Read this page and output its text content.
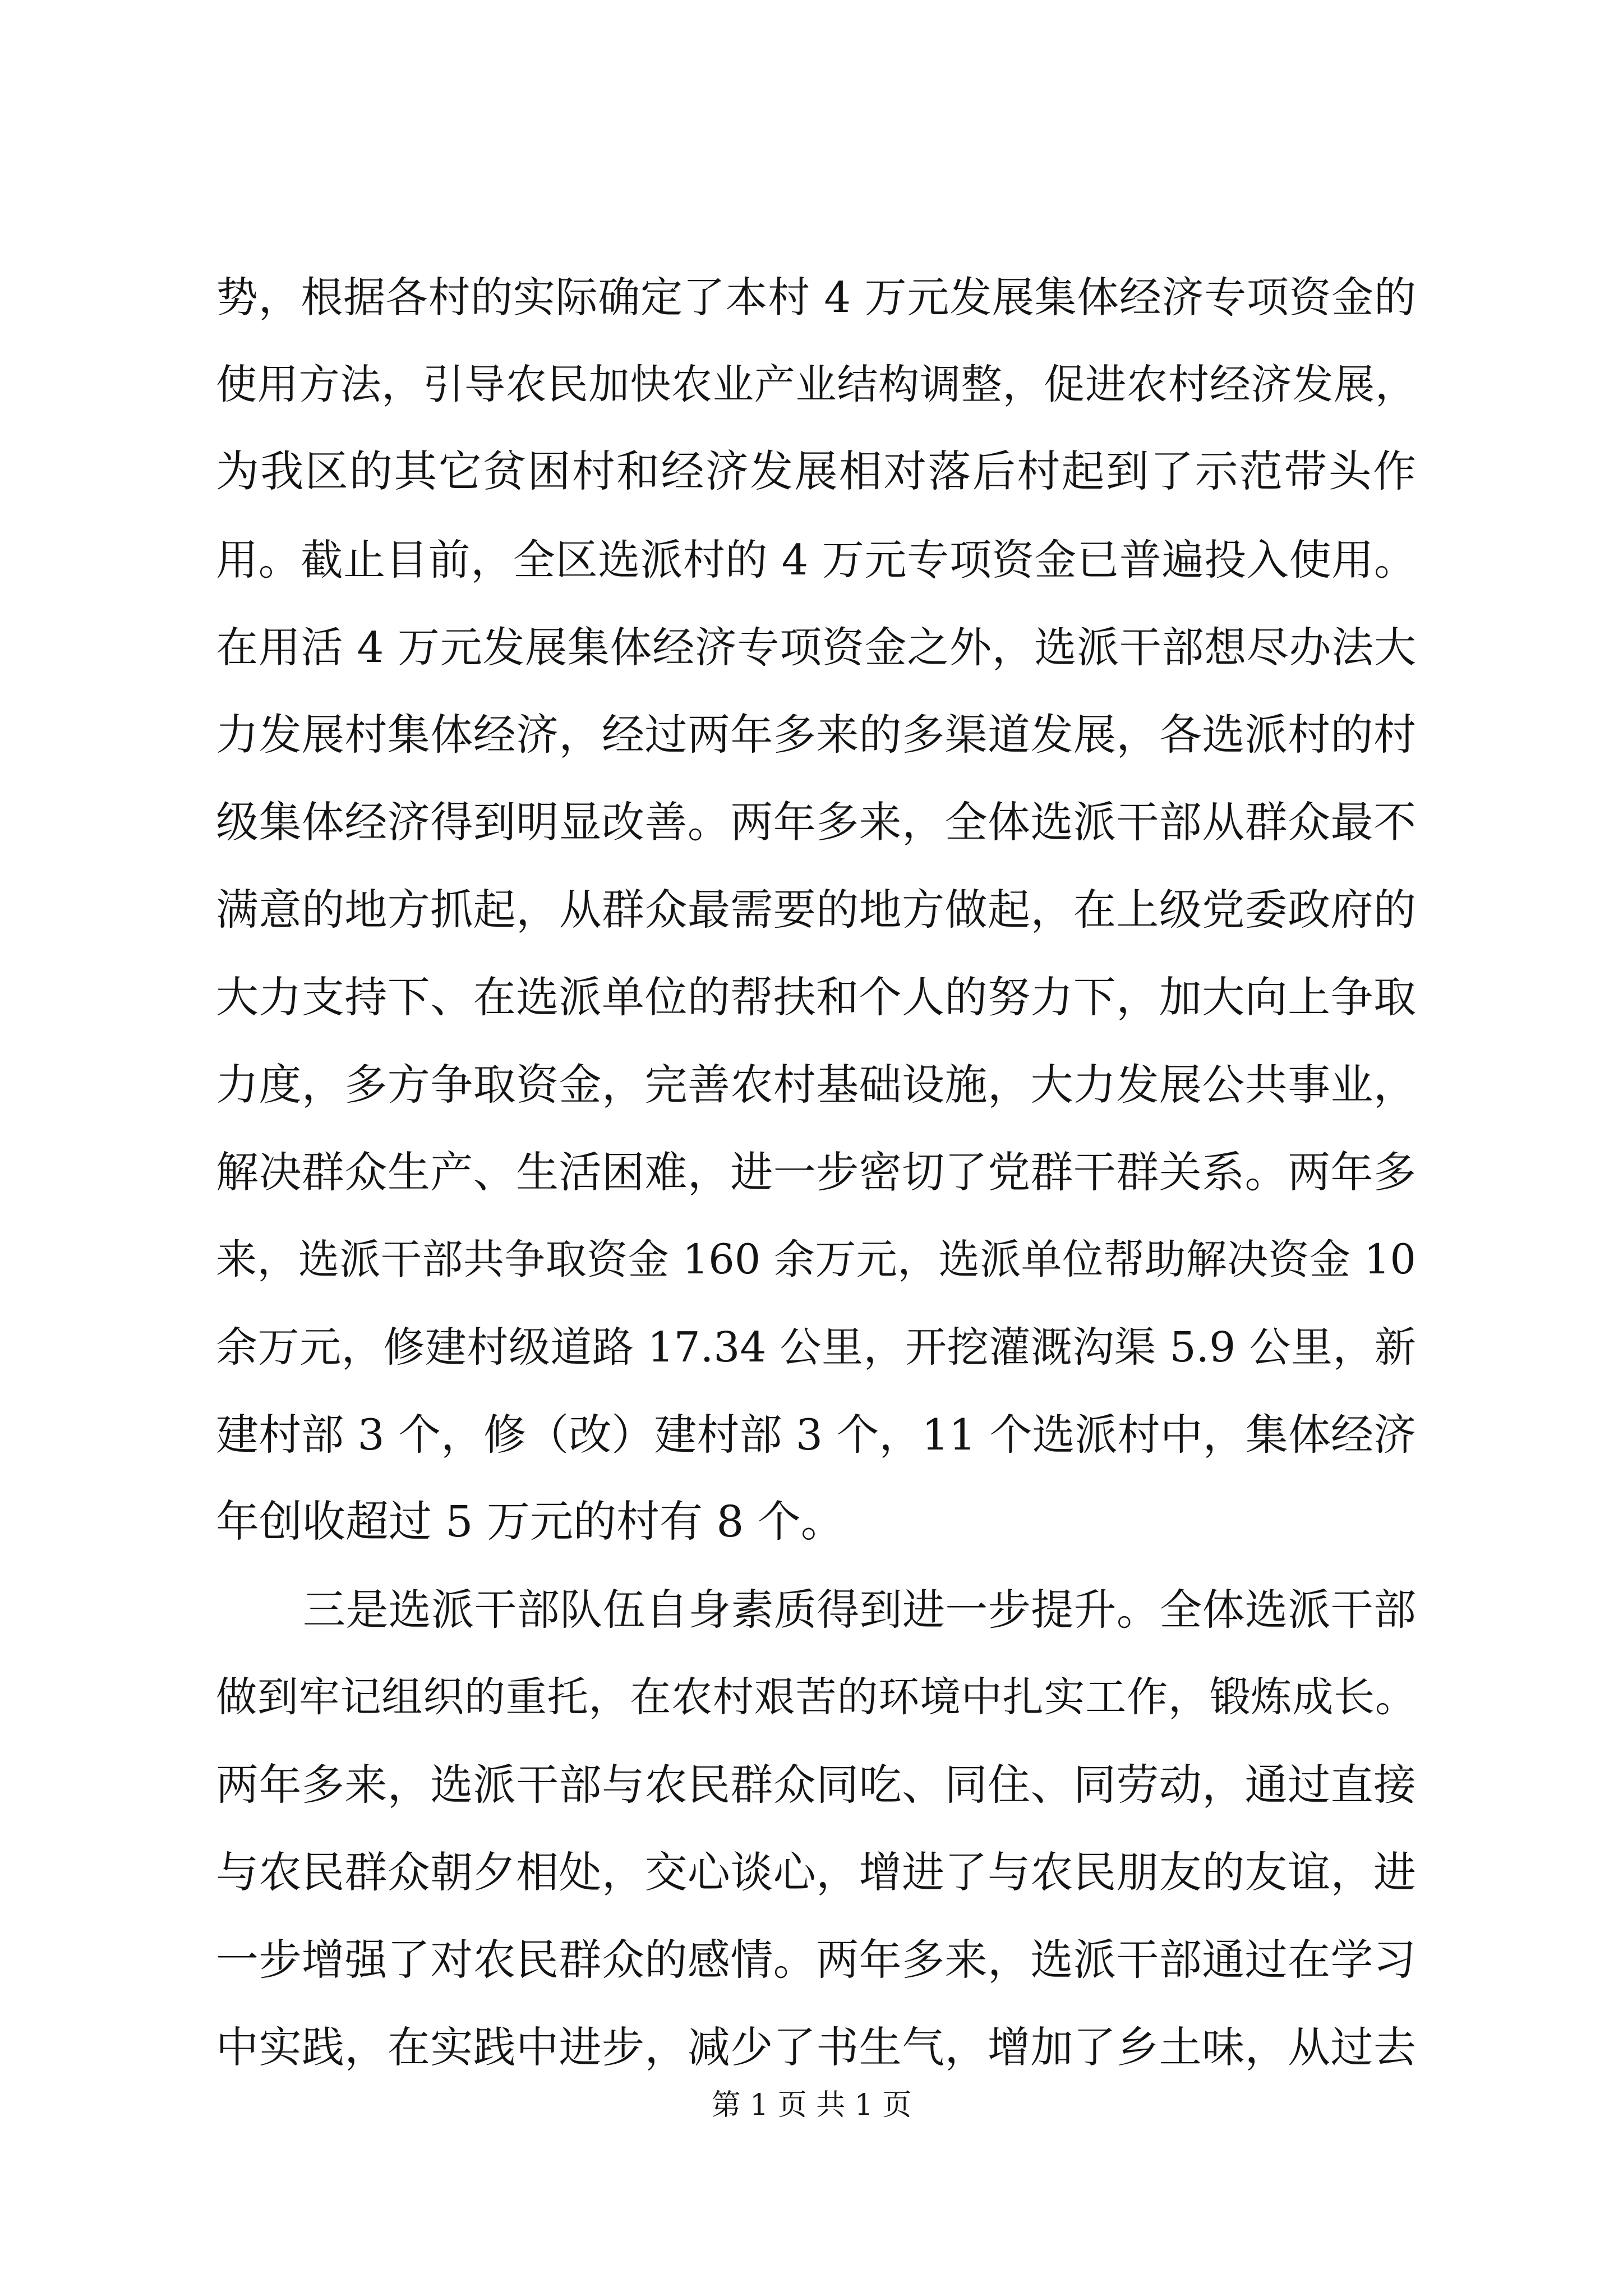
势，根据各村的实际确定了本村 4 万元发展集体经济专项资金的
使用方法，引导农民加快农业产业结构调整，促进农村经济发展，
为我区的其它贫困村和经济发展相对落后村起到了示范带头作
用。截止目前，全区选派村的 4 万元专项资金已普遍投入使用。
在用活 4 万元发展集体经济专项资金之外，选派干部想尽办法大
力发展村集体经济，经过两年多来的多渠道发展，各选派村的村
级集体经济得到明显改善。两年多来，全体选派干部从群众最不
满意的地方抓起，从群众最需要的地方做起，在上级党委政府的
大力支持下、在选派单位的帮扶和个人的努力下，加大向上争取
力度，多方争取资金，完善农村基础设施，大力发展公共事业，
解决群众生产、生活困难，进一步密切了党群干群关系。两年多
来，选派干部共争取资金 160 余万元，选派单位帮助解决资金 10
余万元，修建村级道路 17.34 公里，开挖灌溉沟渠 5.9 公里，新
建村部 3 个，修（改）建村部 3 个，11 个选派村中，集体经济
年创收超过 5 万元的村有 8 个。
三是选派干部队伍自身素质得到进一步提升。全体选派干部
做到牢记组织的重托，在农村艰苦的环境中扎实工作，锻炼成长。
两年多来，选派干部与农民群众同吃、同住、同劳动，通过直接
与农民群众朝夕相处，交心谈心，增进了与农民朋友的友谊，进
一步增强了对农民群众的感情。两年多来，选派干部通过在学习
中实践，在实践中进步，减少了书生气，增加了乡土味，从过去
第 1 页 共 1 页
